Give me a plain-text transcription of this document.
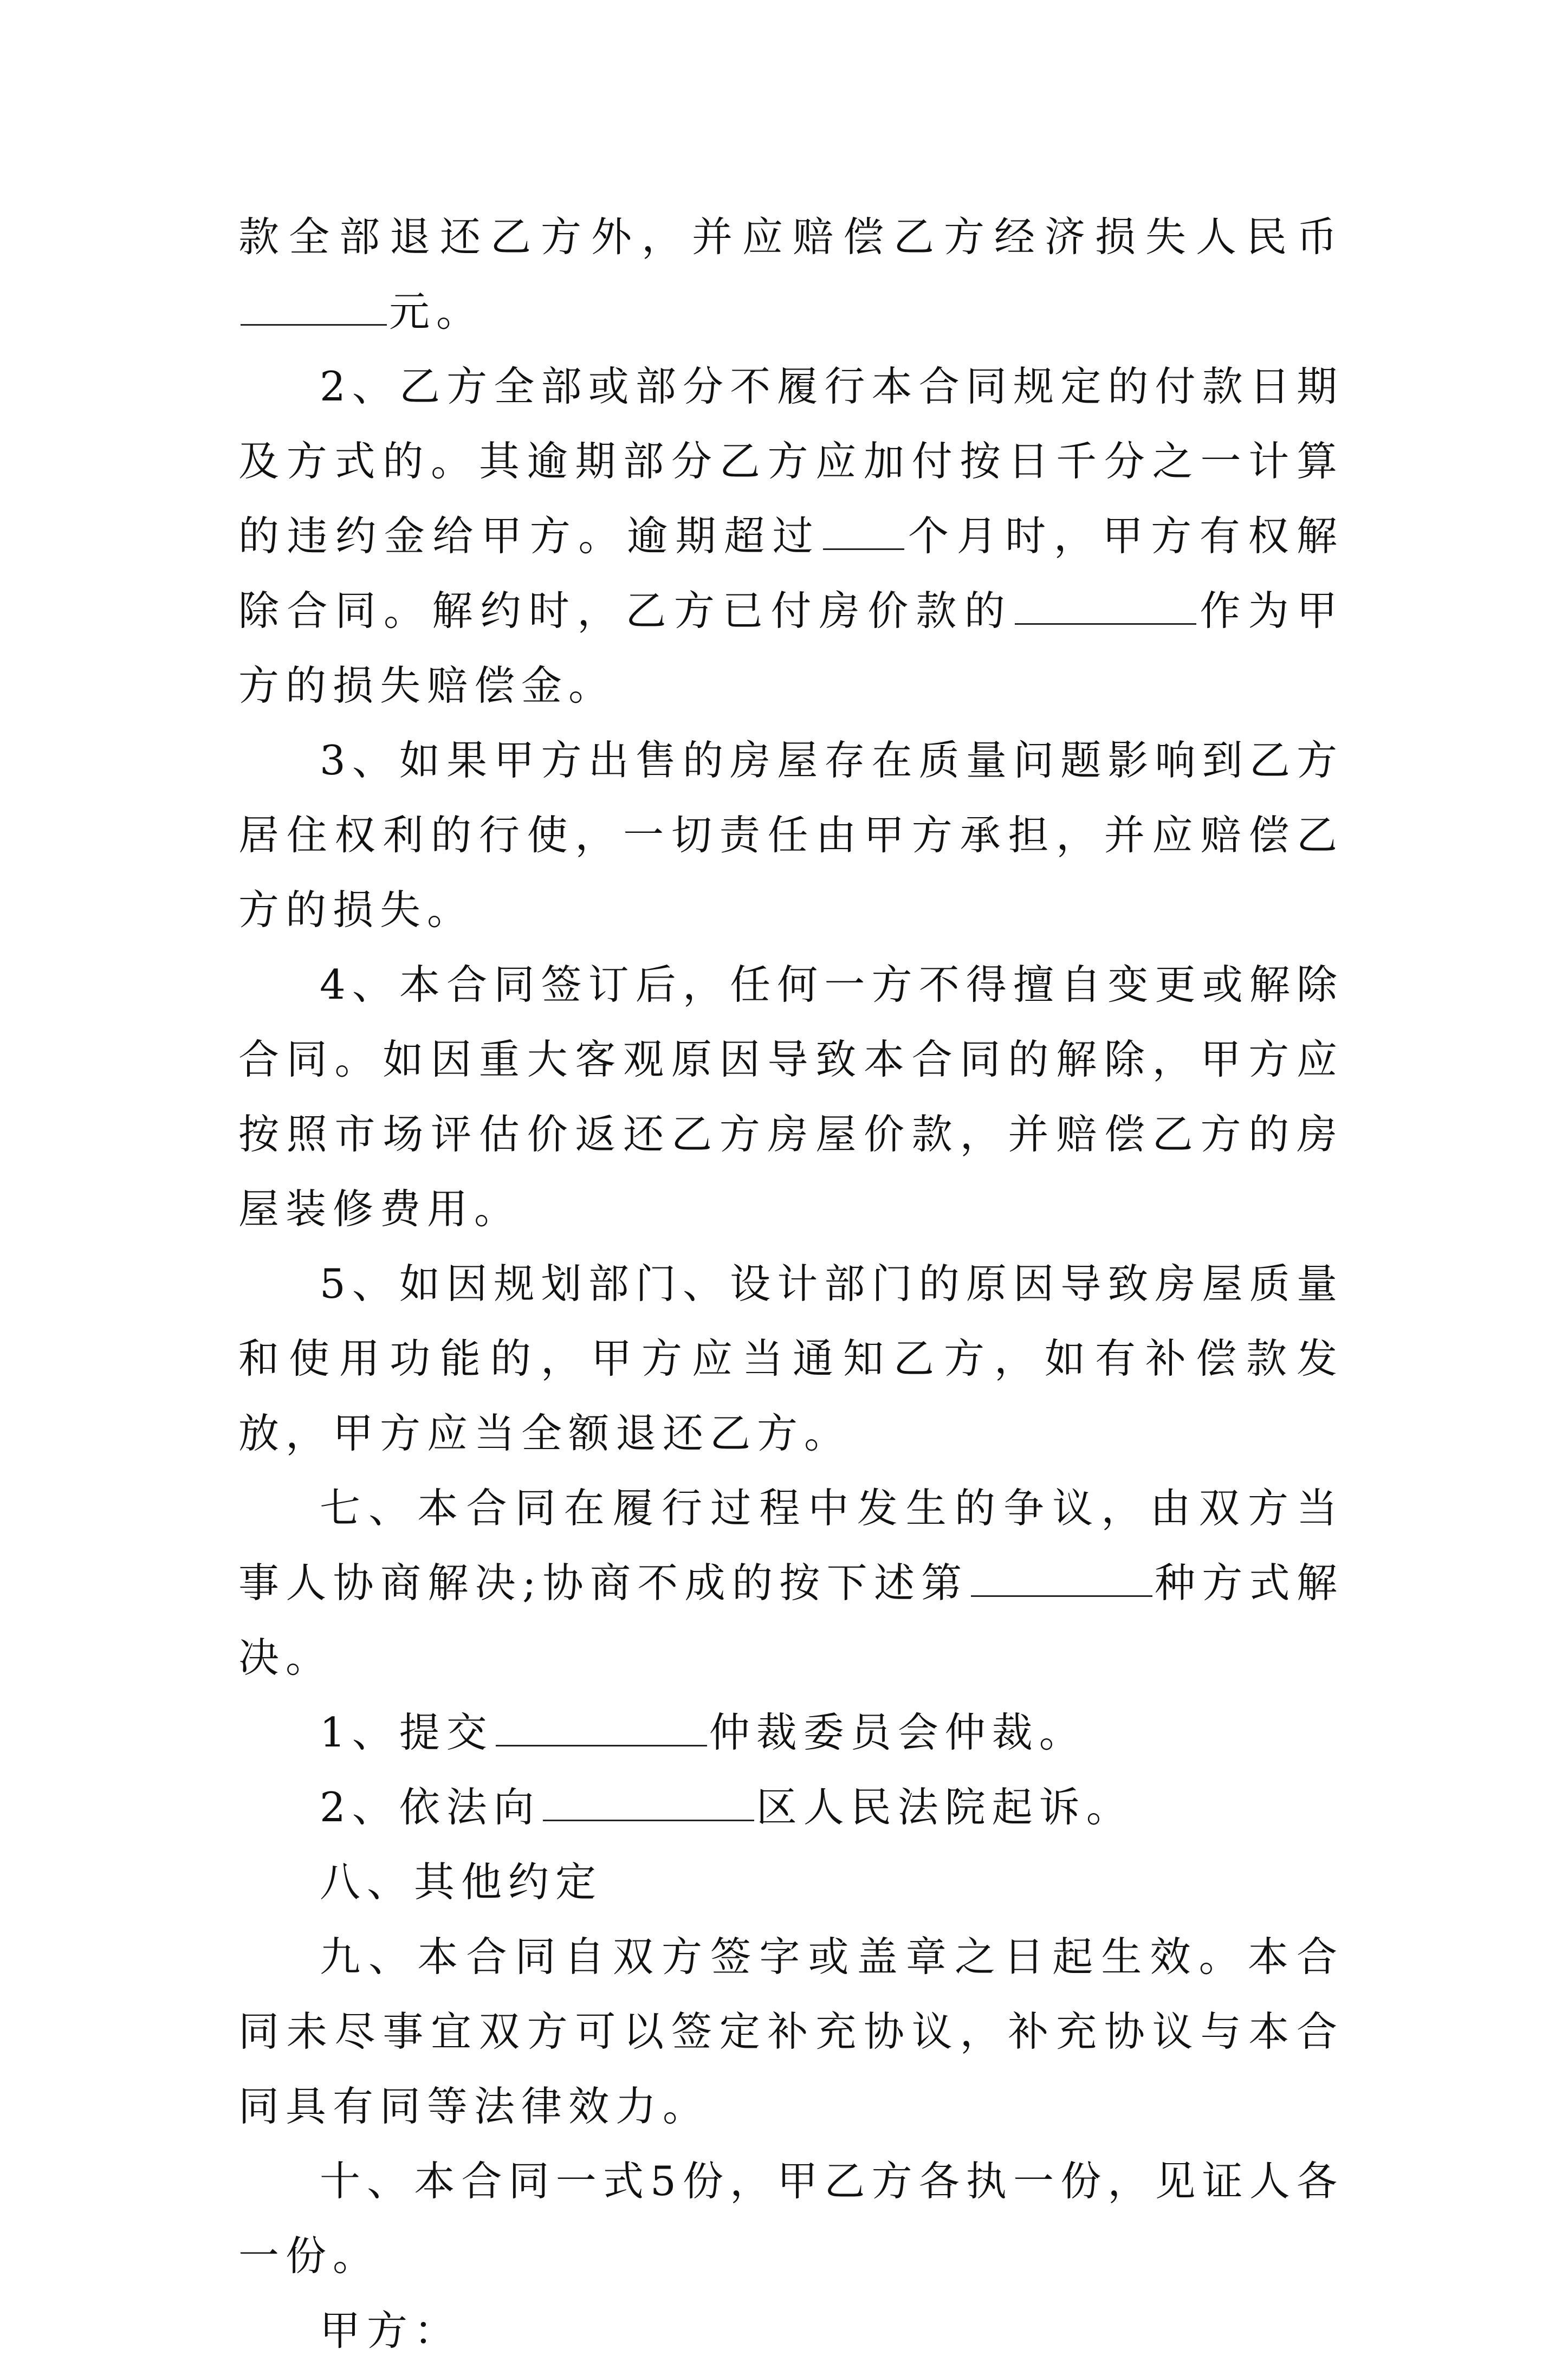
款全部退还乙方外，并应赔偿乙方经济损失人民币元。

2、乙方全部或部分不履行本合同规定的付款日期及方式的。其逾期部分乙方应加付按日千分之一计算的违约金给甲方。逾期超过 个月时，甲方有权解除合同。解约时，乙方已付房价款的	作为甲方的损失赔偿金。

3、如果甲方出售的房屋存在质量问题影响到乙方居住权利的行使，一切责任由甲方承担，并应赔偿乙方的损失。

4、本合同签订后，任何一方不得擅自变更或解除合同。如因重大客观原因导致本合同的解除，甲方应按照市场评估价返还乙方房屋价款，并赔偿乙方的房屋装修费用。

5、如因规划部门、设计部门的原因导致房屋质量和使用功能的，甲方应当通知乙方，如有补偿款发放，甲方应当全额退还乙方。

七、本合同在履行过程中发生的争议，由双方当事人协商解决;协商不成的按下述第	种方式解决。

1、提交	仲裁委员会仲裁。

2、依法向	区人民法院起诉。

八、其他约定

九、本合同自双方签字或盖章之日起生效。本合同未尽事宜双方可以签定补充协议，补充协议与本合同具有同等法律效力。

十、本合同一式5份，甲乙方各执一份，见证人各一份。

甲方：
